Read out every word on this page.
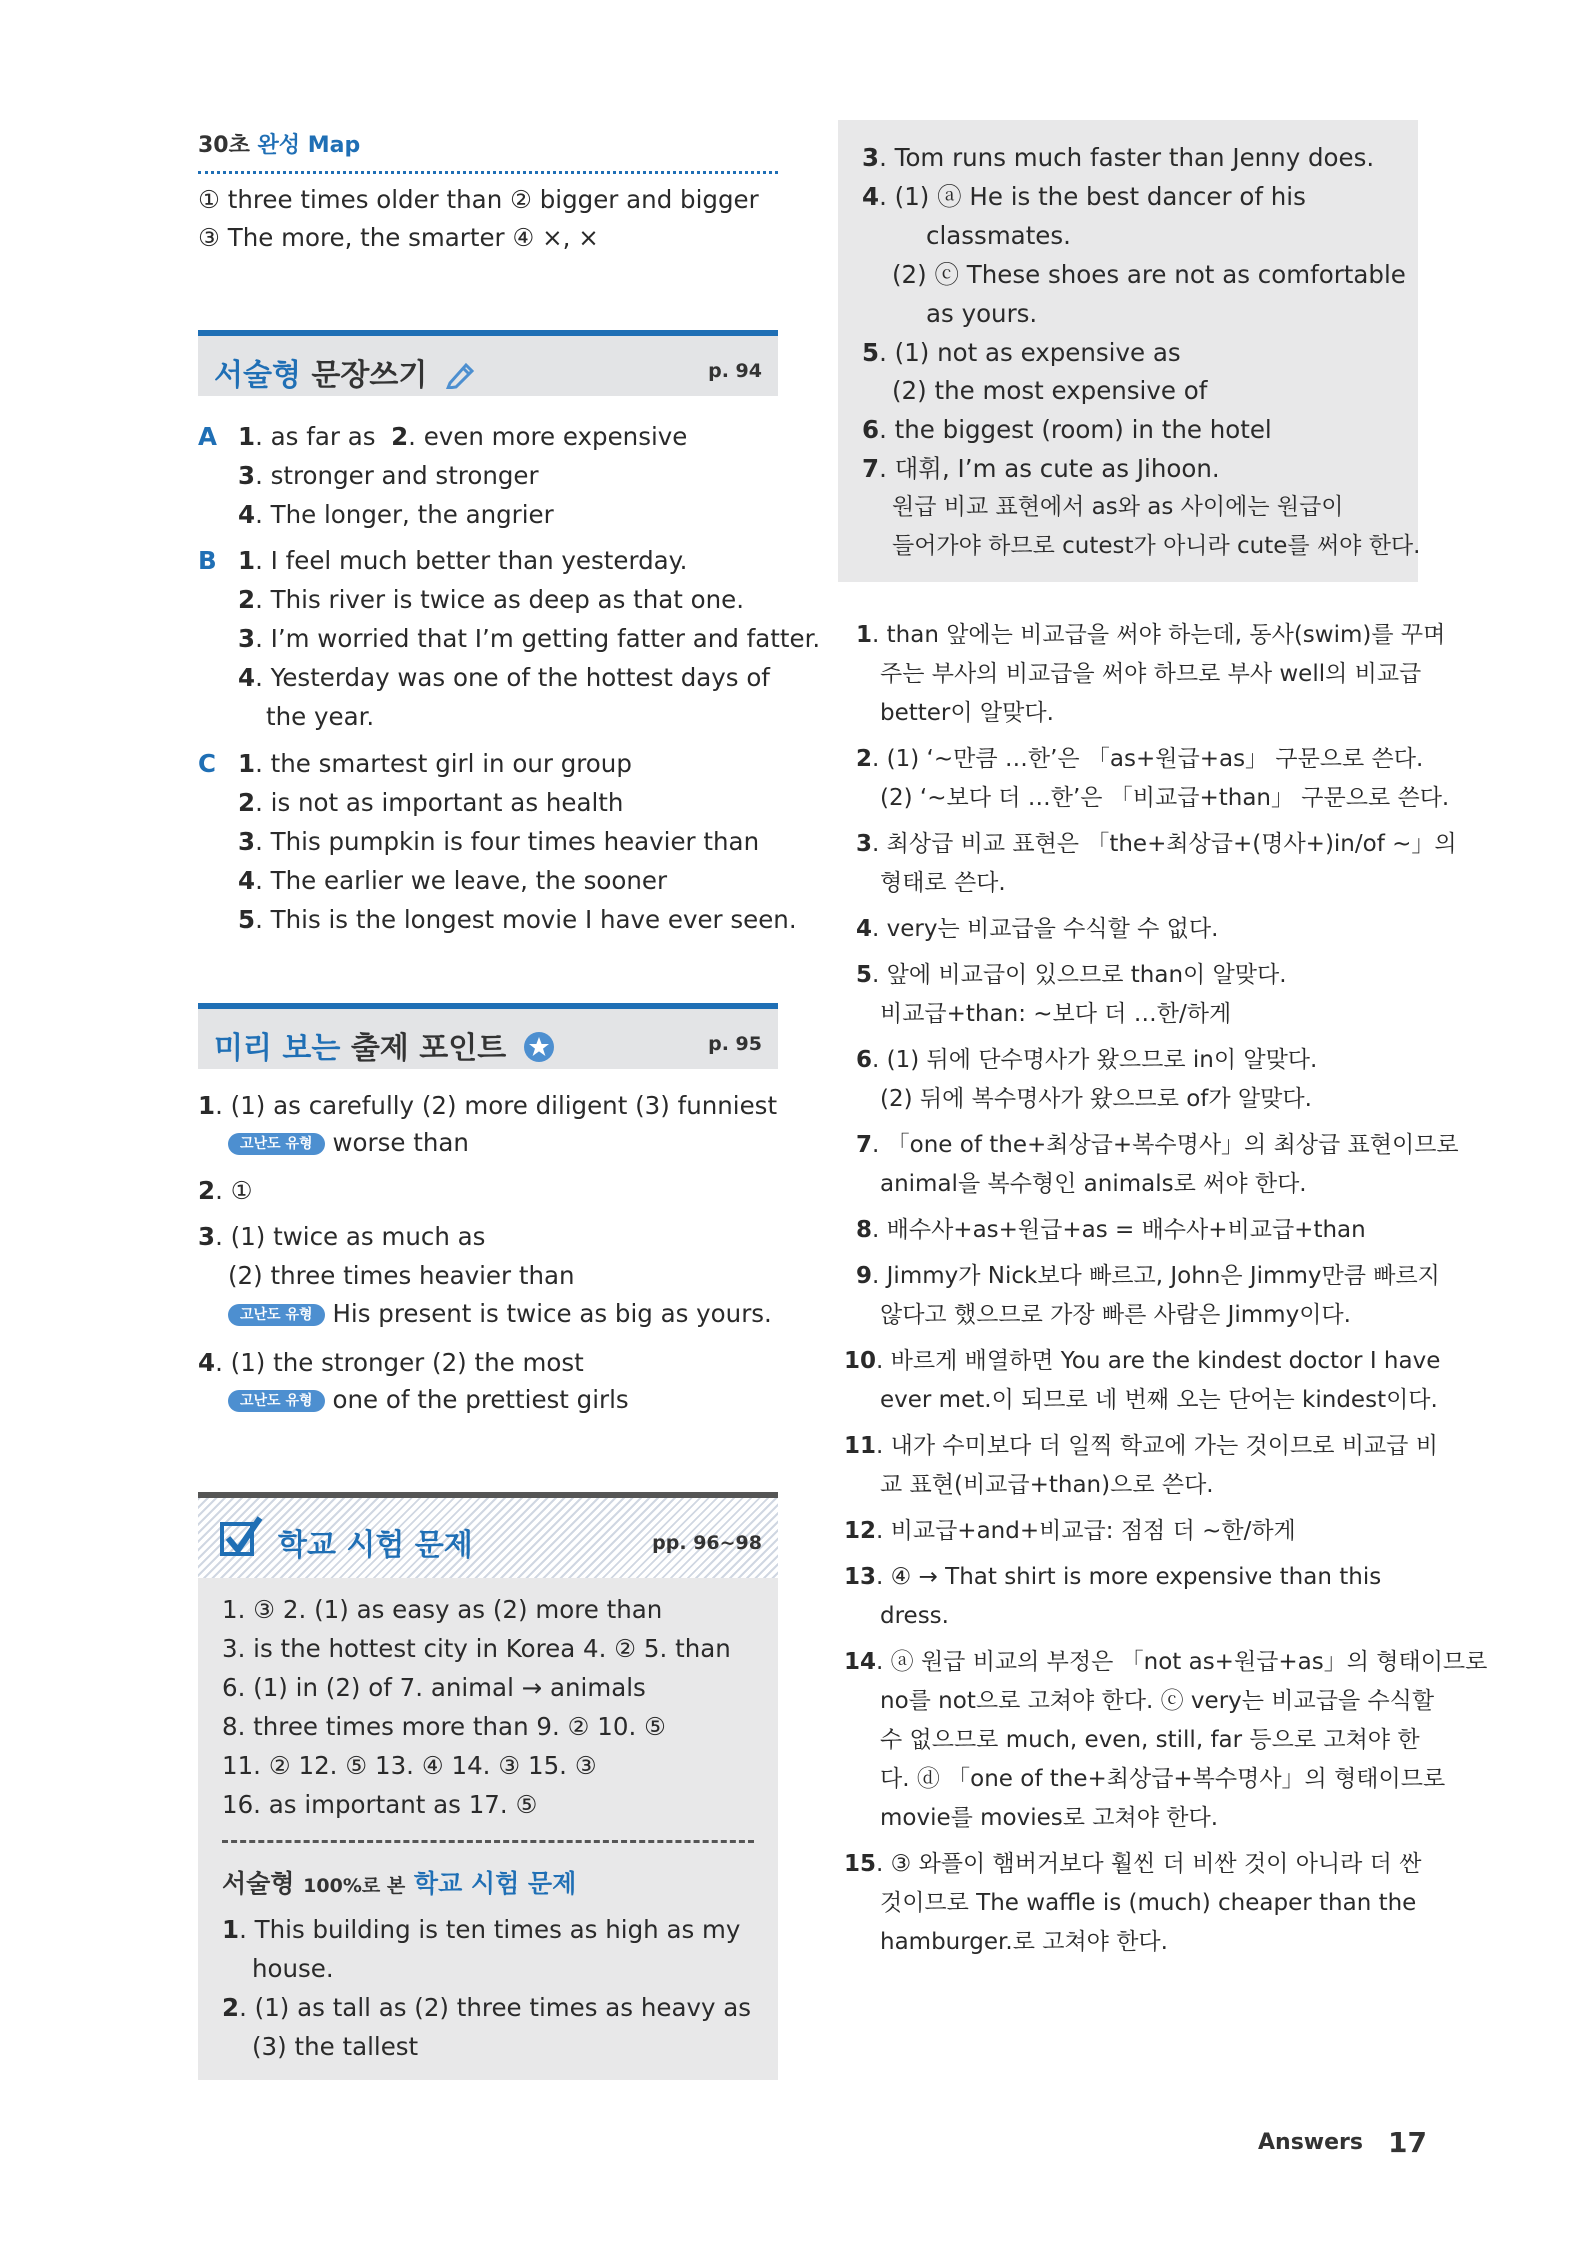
30초 완성 Map
① three times older than ② bigger and bigger
③ The more, the smarter ④ ×, ×
서술형 문장쓰기	p. 94
A 1. as far as 2. even more expensive
3. stronger and stronger
4. The longer, the angrier
B 1. I feel much better than yesterday.
2. This river is twice as deep as that one.
3. I’m worried that I’m getting fatter and fatter.
4. Yesterday was one of the hottest days of
the year.
C 1. the smartest girl in our group
2. is not as important as health
3. This pumpkin is four times heavier than
4. The earlier we leave, the sooner
5. This is the longest movie I have ever seen.
미리 보는 출제 포인트	p. 95
1. (1) as carefully (2) more diligent (3) funniest
고난도 유형 worse than
2. ①
3. (1) twice as much as
(2) three times heavier than
고난도 유형 His present is twice as big as yours.
4. (1) the stronger (2) the most
고난도 유형 one of the prettiest girls
학교 시험 문제	pp. 96~98
1. ③ 2. (1) as easy as (2) more than
3. is the hottest city in Korea 4. ② 5. than
6. (1) in (2) of 7. animal → animals
8. three times more than 9. ② 10. ⑤
11. ② 12. ⑤ 13. ④ 14. ③ 15. ③
16. as important as 17. ⑤
서술형 100%로 본 학교 시험 문제
1. This building is ten times as high as my
house.
2. (1) as tall as (2) three times as heavy as
(3) the tallest
3. Tom runs much faster than Jenny does.
4. (1) ⓐ He is the best dancer of his
classmates.
(2) ⓒ These shoes are not as comfortable
as yours.
5. (1) not as expensive as
(2) the most expensive of
6. the biggest (room) in the hotel
7. 대휘, I’m as cute as Jihoon.
원급 비교 표현에서 as와 as 사이에는 원급이
들어가야 하므로 cutest가 아니라 cute를 써야 한다.
1. than 앞에는 비교급을 써야 하는데, 동사(swim)를 꾸며
주는 부사의 비교급을 써야 하므로 부사 well의 비교급
better이 알맞다.
2. (1) ‘~만큼 …한’은 「as+원급+as」 구문으로 쓴다.
(2) ‘~보다 더 …한’은 「비교급+than」 구문으로 쓴다.
3. 최상급 비교 표현은 「the+최상급+(명사+)in/of ~」의
형태로 쓴다.
4. very는 비교급을 수식할 수 없다.
5. 앞에 비교급이 있으므로 than이 알맞다.
비교급+than: ~보다 더 …한/하게
6. (1) 뒤에 단수명사가 왔으므로 in이 알맞다.
(2) 뒤에 복수명사가 왔으므로 of가 알맞다.
7. 「one of the+최상급+복수명사」의 최상급 표현이므로
animal을 복수형인 animals로 써야 한다.
8. 배수사+as+원급+as = 배수사+비교급+than
9. Jimmy가 Nick보다 빠르고, John은 Jimmy만큼 빠르지
않다고 했으므로 가장 빠른 사람은 Jimmy이다.
10. 바르게 배열하면 You are the kindest doctor I have
ever met.이 되므로 네 번째 오는 단어는 kindest이다.
11. 내가 수미보다 더 일찍 학교에 가는 것이므로 비교급 비
교 표현(비교급+than)으로 쓴다.
12. 비교급+and+비교급: 점점 더 ~한/하게
13. ④ → That shirt is more expensive than this
dress.
14. ⓐ 원급 비교의 부정은 「not as+원급+as」의 형태이므로
no를 not으로 고쳐야 한다. ⓒ very는 비교급을 수식할
수 없으므로 much, even, still, far 등으로 고쳐야 한
다. ⓓ 「one of the+최상급+복수명사」의 형태이므로
movie를 movies로 고쳐야 한다.
15. ③ 와플이 햄버거보다 훨씬 더 비싼 것이 아니라 더 싼
것이므로 The waffle is (much) cheaper than the
hamburger.로 고쳐야 한다.
Answers 17
